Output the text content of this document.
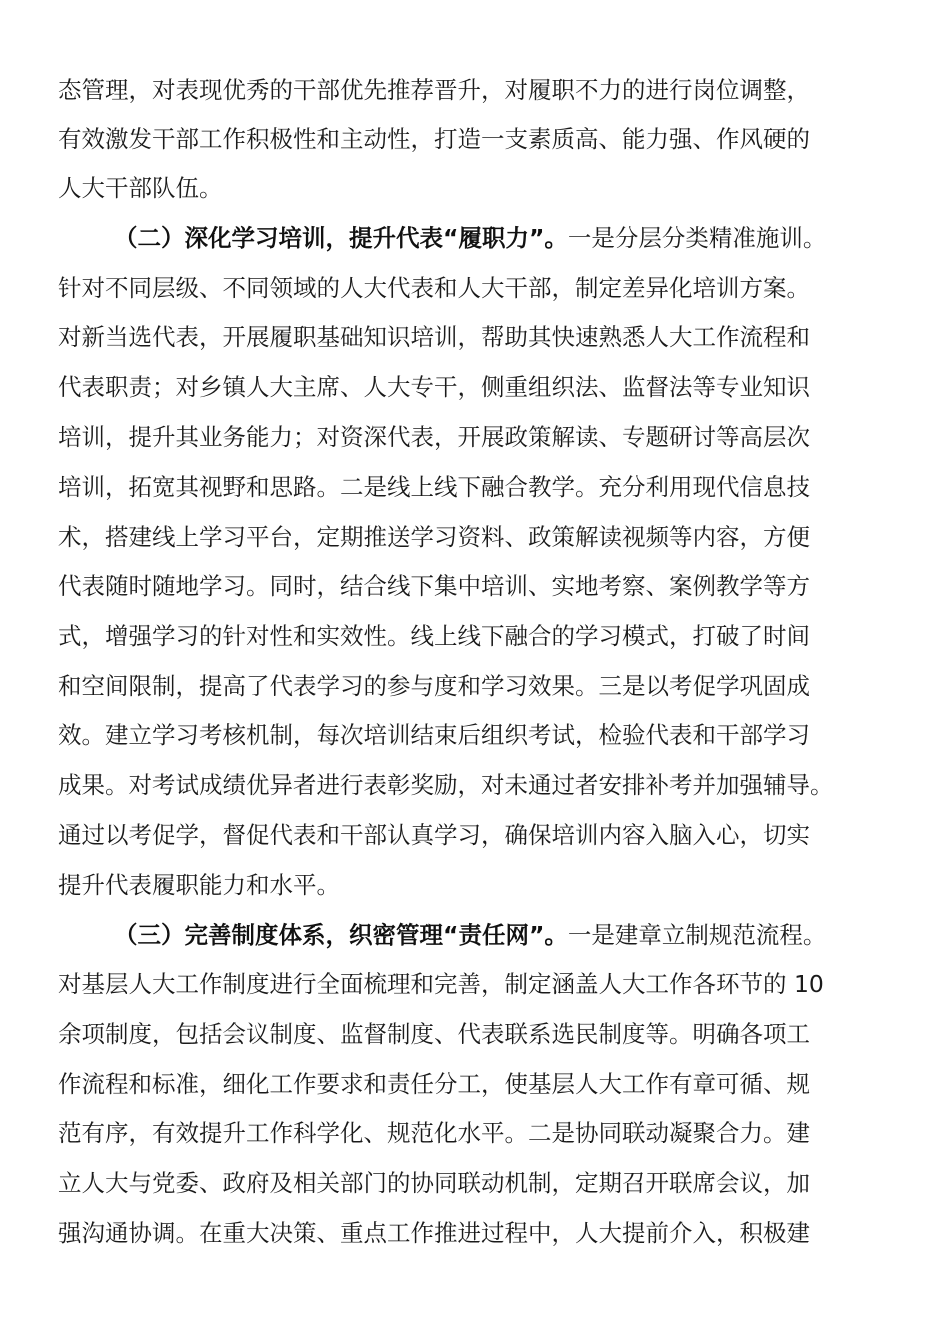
态管理，对表现优秀的干部优先推荐晋升，对履职不力的进行岗位调整，
有效激发干部工作积极性和主动性，打造一支素质高、能力强、作风硬的
人大干部队伍。
（二）深化学习培训，提升代表“履职力”。一是分层分类精准施训。
针对不同层级、不同领域的人大代表和人大干部，制定差异化培训方案。
对新当选代表，开展履职基础知识培训，帮助其快速熟悉人大工作流程和
代表职责；对乡镇人大主席、人大专干，侧重组织法、监督法等专业知识
培训，提升其业务能力；对资深代表，开展政策解读、专题研讨等高层次
培训，拓宽其视野和思路。二是线上线下融合教学。充分利用现代信息技
术，搭建线上学习平台，定期推送学习资料、政策解读视频等内容，方便
代表随时随地学习。同时，结合线下集中培训、实地考察、案例教学等方
式，增强学习的针对性和实效性。线上线下融合的学习模式，打破了时间
和空间限制，提高了代表学习的参与度和学习效果。三是以考促学巩固成
效。建立学习考核机制，每次培训结束后组织考试，检验代表和干部学习
成果。对考试成绩优异者进行表彰奖励，对未通过者安排补考并加强辅导。
通过以考促学，督促代表和干部认真学习，确保培训内容入脑入心，切实
提升代表履职能力和水平。
（三）完善制度体系，织密管理“责任网”。一是建章立制规范流程。
对基层人大工作制度进行全面梳理和完善，制定涵盖人大工作各环节的 10
余项制度，包括会议制度、监督制度、代表联系选民制度等。明确各项工
作流程和标准，细化工作要求和责任分工，使基层人大工作有章可循、规
范有序，有效提升工作科学化、规范化水平。二是协同联动凝聚合力。建
立人大与党委、政府及相关部门的协同联动机制，定期召开联席会议，加
强沟通协调。在重大决策、重点工作推进过程中，人大提前介入，积极建
